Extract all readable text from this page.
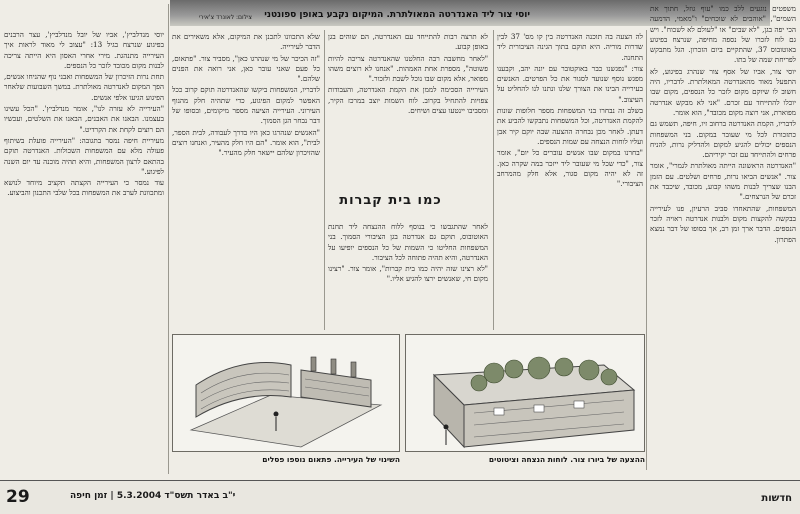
יוסי צור ליד האנדרטה המאולתרת. המיקום נקבע באופן ספונטני
צילום: לאונרד צ'אירי

משפטים נוגעים ללב כמו "עוף גוזל, חתוך את השמים", "אוהבים לא שוכחים" ו"מאמי, הדמעה הכי יפה בגן, "לא שבים" או "לעולם לא לשכוח". ויש גם לוח לזכרו של נספה מחיפה, שנרצח בפיגוע באוטובוס 37, שהתקיים ביום הזכרון. הגל מתבקש לפריחת שמה של בתו.

יוסי צור, אביו של אסף צור שנהרג בפיגוע, לא התפעל מאוד מהאנדרטה המאולתרת. לדבריו, היה חשוב לו שיוקם מקום לזכר כל הנספים, מקום שבו יוכלו להתייחד עם זכרם. "אני לא מבקש אנדרטה מפוארת, אני רוצה מקום מכובד", הוא אומר.

לדבריו, הקמת האנדרטה ברחוב זיו, חיפה, תשמש גם כתזכורת לכל מי שעובר במקום. בני המשפחות הנספים יכולים להגיע למקום ולהדליק נרות, להניח פרחים ולהתייחד עם זכר יקיריהם.

"האנדרטה הראשונה הייתה מאולתרת לגמרי", אומר צור. "אנשים הביאו נרות, פרחים ושלטים. עם הזמן הבנו שצריך לבנות משהו קבוע, מכובד, שיכבד את זכרם של הנרצחים."

המשפחות, שהתאחדו סביב הרעיון, פנו לעירייה בבקשה להקצות מקום ולבנות אנדרטה ראויה לזכר הנספים. הדבר ארך זמן רב, אך בסופו של דבר נמצא הפתרון.

לה הצעה בה תוכנה האנדרטה בין קו מס' 37 לבין שדרות מוריה. היא תוקם בתוך הגינה הציבורית ליד התחנה.

צור: "נפגשנו כבר באוקטובר עם יונה יהב, וקבענו מפגש נוסף שנועד לסגור את כל הפרטים. האנשים בעירייה הבינו את הצורך שלנו ונתנו לנו להחליט על העיצוב."

בשלב זה נבחרו בני המשפחות מספר חלופות שונות להקמת האנדרטה, וכל המשפחות נתבקשו להביע את דעתן. לאחר מכן נבחרה ההצעה שבה יוקם קיר אבן ועליו לוחות הנצחה עם שמות הנספים.

"בחרנו במקום שבו אנשים עוברים כל יום", אומר צור, "כדי שכל מי שעובר ליד ייזכר במה שקרה כאן. זה לא יהיה מקום סגור, אלא חלק מהמרחב הציבורי."

לא תרצה רבות להתייחד עם האנדרטה, הם שוהים בגן באופן קבוע.

"לאחר מחשבה רבה החלטנו שהאנדרטה צריכה להיות פשוטה", מספרת אחת האמהות. "אנחנו לא רוצים משהו מפואר, אלא מקום שבו נוכל לשבת ולזכור."

העירייה הסכימה לממן את הקמת האנדרטה, והעבודות צפויות להתחיל בקרוב. לוח השמות יוצב במרכז הקיר, ומסביבו יינטעו עצים ושיחים.

כמו בית קברות

לאחר שהתגבשו כי בנוסף ללוח ההנצחה ליד תחנת האוטובוס, תוקם גם אנדרטה בגן הציבורי הסמוך. בני המשפחות החליטו כי השמות של כל הנספים יופיעו על האנדרטה, והיא תהיה פתוחה לכל הציבור.

"לא רצינו שזה יהיה כמו בית קברות", אומר צור. "רצינו מקום חי, שאנשים ירצו להגיע אליו."

שלא התכוונו לתכנן את המיקום, אלא משאירים את הדבר לעירייה.

"זה הכיכר של מי שנהרגו כאן", מסביר צור. "פתאום, כל פעם שאני עובר כאן, אני רואה את הפנים שלהם."

לדבריו, המשפחות ביקשו שהאנדרטה תוקם קרוב ככל האפשר למקום הפיגוע, כדי שתהיה חלק מהנוף העירוני. העירייה הציעה מספר מיקומים, ובסופו של דבר נבחר הגן הסמוך.

"האנשים שנהרגו כאן היו בדרך לעבודה, לבית הספר, לבית", הוא אומר. "הם היו חלק מהעיר, ואנחנו רוצים שהזיכרון שלהם יישאר חלק מהעיר."

יוסי מנדלביץ', אביו של יובל מנדלביץ', עצר הרבנים בפיגוע שנרצח בגיל 13: "עצוב לי מאוד לראות איך העירייה מתנהגת. מירי אחרי האסון היא הייתה צריכה לבנות מקום מכובד לזכר כל הנספים.

תחת נרות הזיכרון של המשפחות ואבני נוף שהניחו אנשים, הפך המקום לאנדרטה מאולתרת. במשך השבועות שלאחר הפיגוע הגיעו אלפי אנשים.

"העירייה לא עזרה לנו", אומר מנדלביץ'. "הכל עשינו בעצמנו. הבאנו את האבנים, הבאנו את השלטים, ועכשיו הם רוצים לקחת את הקרדיט."

מעיריית חיפה נמסר בתגובה: "העירייה פועלת בשיתוף פעולה מלא עם המשפחות השכולות. האנדרטה תוקם בהתאם לרצון המשפחות, והיא תהיה מוכנה עד יום השנה לפיגוע."

עוד נמסר כי העירייה הקצתה תקציב מיוחד לנושא ומתכוונת לערב את המשפחות בכל שלבי התכנון והביצוע.

ההצעה של ביורו צור. לוחות הנצחה וציטוטים
השינוי של העירייה. פתאום נוספו פסלים
חדשות
י"ב באדר תשס"ד 5.3.2004 | זמן חיפה
29
